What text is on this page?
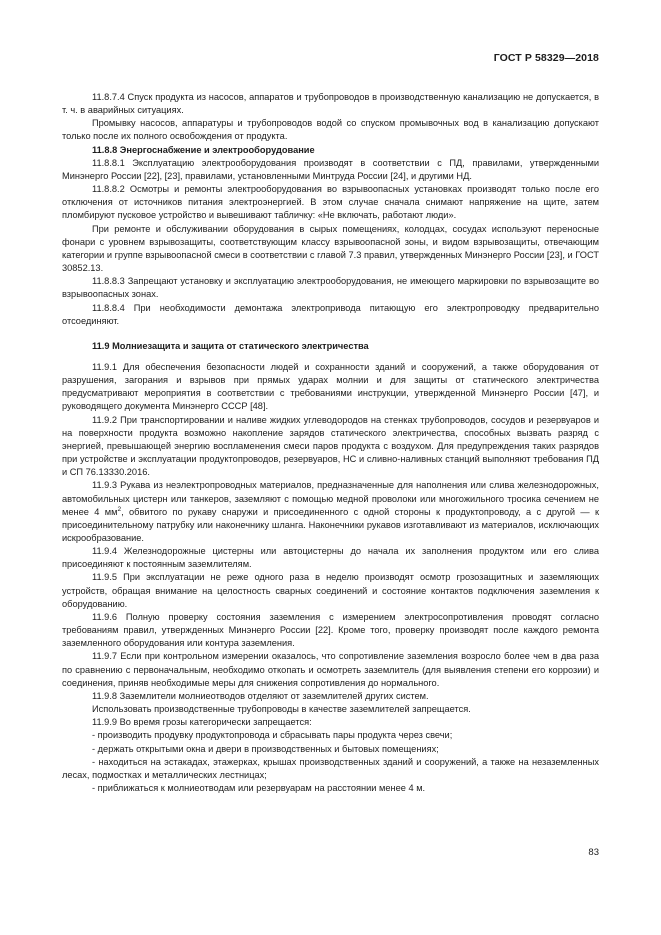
ГОСТ Р 58329—2018

11.8.7.4 Спуск продукта из насосов, аппаратов и трубопроводов в производственную канализацию не допускается, в т. ч. в аварийных ситуациях.

Промывку насосов, аппаратуры и трубопроводов водой со спуском промывочных вод в канализацию допускают только после их полного освобождения от продукта.

11.8.8 Энергоснабжение и электрооборудование

11.8.8.1 Эксплуатацию электрооборудования производят в соответствии с ПД, правилами, утвержденными Минэнерго России [22], [23], правилами, установленными Минтруда России [24], и другими НД.

11.8.8.2 Осмотры и ремонты электрооборудования во взрывоопасных установках производят только после его отключения от источников питания электроэнергией. В этом случае сначала снимают напряжение на щите, затем пломбируют пусковое устройство и вывешивают табличку: «Не включать, работают люди».

При ремонте и обслуживании оборудования в сырых помещениях, колодцах, сосудах используют переносные фонари с уровнем взрывозащиты, соответствующим классу взрывоопасной зоны, и видом взрывозащиты, отвечающим категории и группе взрывоопасной смеси в соответствии с главой 7.3 правил, утвержденных Минэнерго России [23], и ГОСТ 30852.13.

11.8.8.3 Запрещают установку и эксплуатацию электрооборудования, не имеющего маркировки по взрывозащите во взрывоопасных зонах.

11.8.8.4 При необходимости демонтажа электропривода питающую его электропроводку предварительно отсоединяют.

11.9 Молниезащита и защита от статического электричества

11.9.1 Для обеспечения безопасности людей и сохранности зданий и сооружений, а также оборудования от разрушения, загорания и взрывов при прямых ударах молнии и для защиты от статического электричества предусматривают мероприятия в соответствии с требованиями инструкции, утвержденной Минэнерго России [47], и руководящего документа Минэнерго СССР [48].

11.9.2 При транспортировании и наливе жидких углеводородов на стенках трубопроводов, сосудов и резервуаров и на поверхности продукта возможно накопление зарядов статического электричества, способных вызвать разряд с энергией, превышающей энергию воспламенения смеси паров продукта с воздухом. Для предупреждения таких разрядов при устройстве и эксплуатации продуктопроводов, резервуаров, НС и сливно-наливных станций выполняют требования ПД и СП 76.13330.2016.

11.9.3 Рукава из неэлектропроводных материалов, предназначенные для наполнения или слива железнодорожных, автомобильных цистерн или танкеров, заземляют с помощью медной проволоки или многожильного тросика сечением не менее 4 $мм^2$, обвитого по рукаву снаружи и присоединенного с одной стороны к продуктопроводу, а с другой — к присоединительному патрубку или наконечнику шланга. Наконечники рукавов изготавливают из материалов, исключающих искрообразование.

11.9.4 Железнодорожные цистерны или автоцистерны до начала их заполнения продуктом или его слива присоединяют к постоянным заземлителям.

11.9.5 При эксплуатации не реже одного раза в неделю производят осмотр грозозащитных и заземляющих устройств, обращая внимание на целостность сварных соединений и состояние контактов подключения заземления к оборудованию.

11.9.6 Полную проверку состояния заземления с измерением электросопротивления проводят согласно требованиям правил, утвержденных Минэнерго России [22]. Кроме того, проверку производят после каждого ремонта заземленного оборудования или контура заземления.

11.9.7 Если при контрольном измерении оказалось, что сопротивление заземления возросло более чем в два раза по сравнению с первоначальным, необходимо откопать и осмотреть заземлитель (для выявления степени его коррозии) и соединения, приняв необходимые меры для снижения сопротивления до нормального.

11.9.8 Заземлители молниеотводов отделяют от заземлителей других систем.

Использовать производственные трубопроводы в качестве заземлителей запрещается.

11.9.9 Во время грозы категорически запрещается:

- производить продувку продуктопровода и сбрасывать пары продукта через свечи;

- держать открытыми окна и двери в производственных и бытовых помещениях;

- находиться на эстакадах, этажерках, крышах производственных зданий и сооружений, а также на незаземленных лесах, подмостках и металлических лестницах;

- приближаться к молниеотводам или резервуарам на расстоянии менее 4 м.

83
